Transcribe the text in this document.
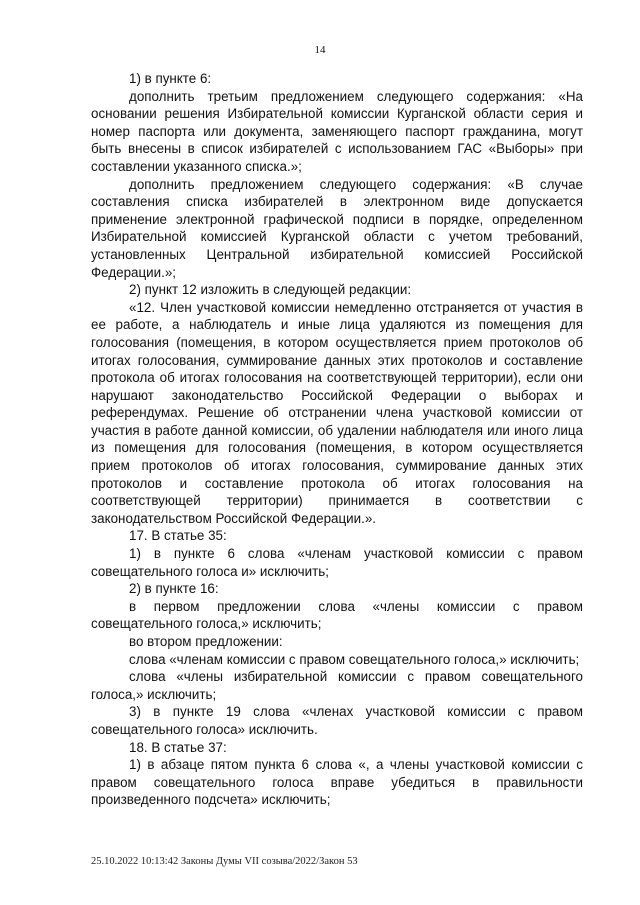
14

1) в пункте 6:

дополнить третьим предложением следующего содержания: «На основании решения Избирательной комиссии Курганской области серия и номер паспорта или документа, заменяющего паспорт гражданина, могут быть внесены в список избирателей с использованием ГАС «Выборы» при составлении указанного списка.»;

дополнить предложением следующего содержания: «В случае составления списка избирателей в электронном виде допускается применение электронной графической подписи в порядке, определенном Избирательной комиссией Курганской области с учетом требований, установленных Центральной избирательной комиссией Российской Федерации.»;

2) пункт 12 изложить в следующей редакции:

«12. Член участковой комиссии немедленно отстраняется от участия в ее работе, а наблюдатель и иные лица удаляются из помещения для голосования (помещения, в котором осуществляется прием протоколов об итогах голосования, суммирование данных этих протоколов и составление протокола об итогах голосования на соответствующей территории), если они нарушают законодательство Российской Федерации о выборах и референдумах. Решение об отстранении члена участковой комиссии от участия в работе данной комиссии, об удалении наблюдателя или иного лица из помещения для голосования (помещения, в котором осуществляется прием протоколов об итогах голосования, суммирование данных этих протоколов и составление протокола об итогах голосования на соответствующей территории) принимается в соответствии с законодательством Российской Федерации.».

17. В статье 35:

1) в пункте 6 слова «членам участковой комиссии с правом совещательного голоса и» исключить;

2) в пункте 16:

в первом предложении слова «члены комиссии с правом совещательного голоса,» исключить;

во втором предложении:

слова «членам комиссии с правом совещательного голоса,» исключить;

слова «члены избирательной комиссии с правом совещательного голоса,» исключить;

3) в пункте 19 слова «членах участковой комиссии с правом совещательного голоса» исключить.

18. В статье 37:

1) в абзаце пятом пункта 6 слова «, а члены участковой комиссии с правом совещательного голоса вправе убедиться в правильности произведенного подсчета» исключить;

25.10.2022 10:13:42 Законы Думы VII созыва/2022/Закон 53
